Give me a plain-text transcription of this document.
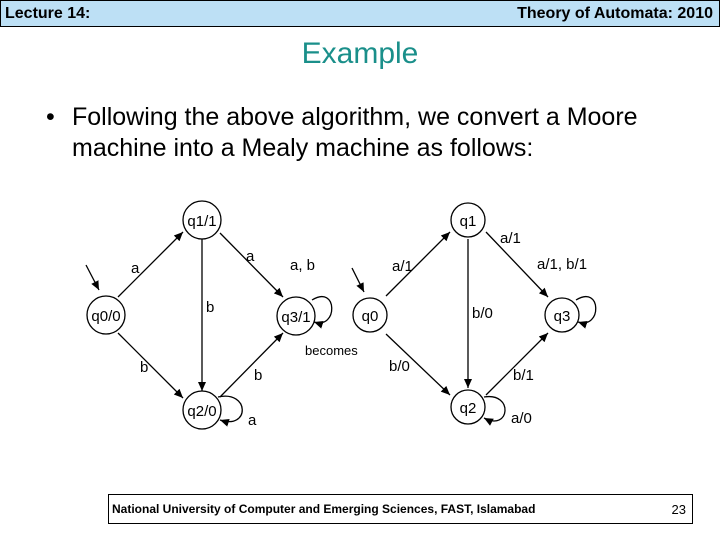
Lecture 14:	Theory of Automata: 2010
Example
• Following the above algorithm, we convert a Moore machine into a Mealy machine as follows:
q0/0
q1/1
q2/0
q3/1
a
a
b
a, b
b	b
a
becomes
q0
q1
q2
q3
a/1
a/1
b/0
a/1, b/1
b/0
b/1
a/0
National University of Computer and Emerging Sciences, FAST, Islamabad	23
